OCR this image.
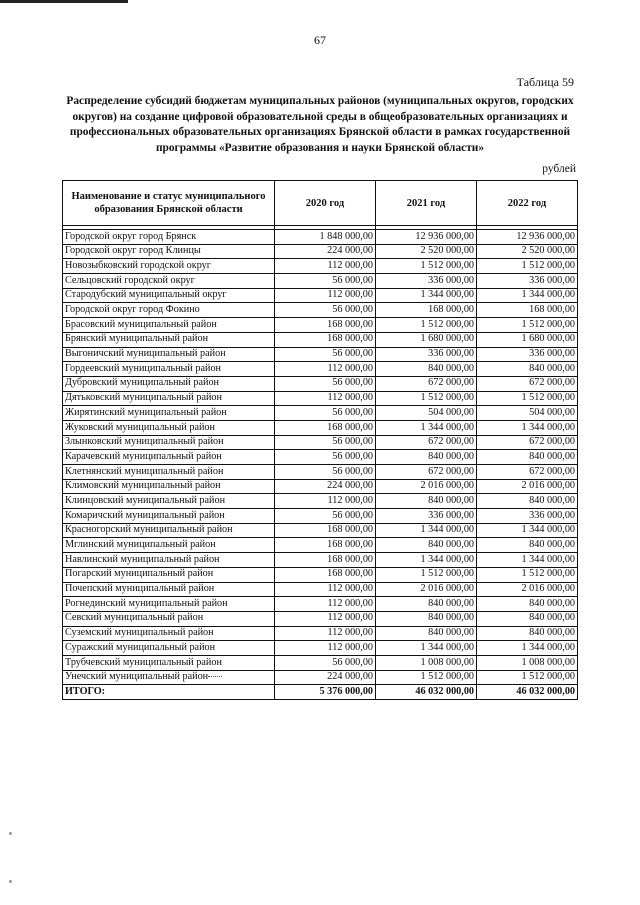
67
Таблица 59
Распределение субсидий бюджетам муниципальных районов (муниципальных округов, городских округов) на создание цифровой образовательной среды в общеобразовательных организациях и профессиональных образовательных организациях Брянской области в рамках государственной программы «Развитие образования и науки Брянской области»
рублей
Наименование и статус муниципального образования Брянской области	2020 год	2021 год	2022 год

Городской округ город Брянск	1 848 000,00	12 936 000,00	12 936 000,00
Городской округ город Клинцы	224 000,00	2 520 000,00	2 520 000,00
Новозыбковский городской округ	112 000,00	1 512 000,00	1 512 000,00
Сельцовский городской округ	56 000,00	336 000,00	336 000,00
Стародубский муниципальный округ	112 000,00	1 344 000,00	1 344 000,00
Городской округ город Фокино	56 000,00	168 000,00	168 000,00
Брасовский муниципальный район	168 000,00	1 512 000,00	1 512 000,00
Брянский муниципальный район	168 000,00	1 680 000,00	1 680 000,00
Выгоничский муниципальный район	56 000,00	336 000,00	336 000,00
Гордеевский муниципальный район	112 000,00	840 000,00	840 000,00
Дубровский муниципальный район	56 000,00	672 000,00	672 000,00
Дятьковский муниципальный район	112 000,00	1 512 000,00	1 512 000,00
Жирятинский муниципальный район	56 000,00	504 000,00	504 000,00
Жуковский муниципальный район	168 000,00	1 344 000,00	1 344 000,00
Злынковский муниципальный район	56 000,00	672 000,00	672 000,00
Карачевский муниципальный район	56 000,00	840 000,00	840 000,00
Клетнянский муниципальный район	56 000,00	672 000,00	672 000,00
Климовский муниципальный район	224 000,00	2 016 000,00	2 016 000,00
Клинцовский муниципальный район	112 000,00	840 000,00	840 000,00
Комаричский муниципальный район	56 000,00	336 000,00	336 000,00
Красногорский муниципальный район	168 000,00	1 344 000,00	1 344 000,00
Мглинский муниципальный район	168 000,00	840 000,00	840 000,00
Навлинский муниципальный район	168 000,00	1 344 000,00	1 344 000,00
Погарский муниципальный район	168 000,00	1 512 000,00	1 512 000,00
Почепский муниципальный район	112 000,00	2 016 000,00	2 016 000,00
Рогнединский муниципальный район	112 000,00	840 000,00	840 000,00
Севский муниципальный район	112 000,00	840 000,00	840 000,00
Суземский муниципальный район	112 000,00	840 000,00	840 000,00
Суражский муниципальный район	112 000,00	1 344 000,00	1 344 000,00
Трубчевский муниципальный район	56 000,00	1 008 000,00	1 008 000,00
Унечский муниципальный район	224 000,00	1 512 000,00	1 512 000,00
ИТОГО:	5 376 000,00	46 032 000,00	46 032 000,00
